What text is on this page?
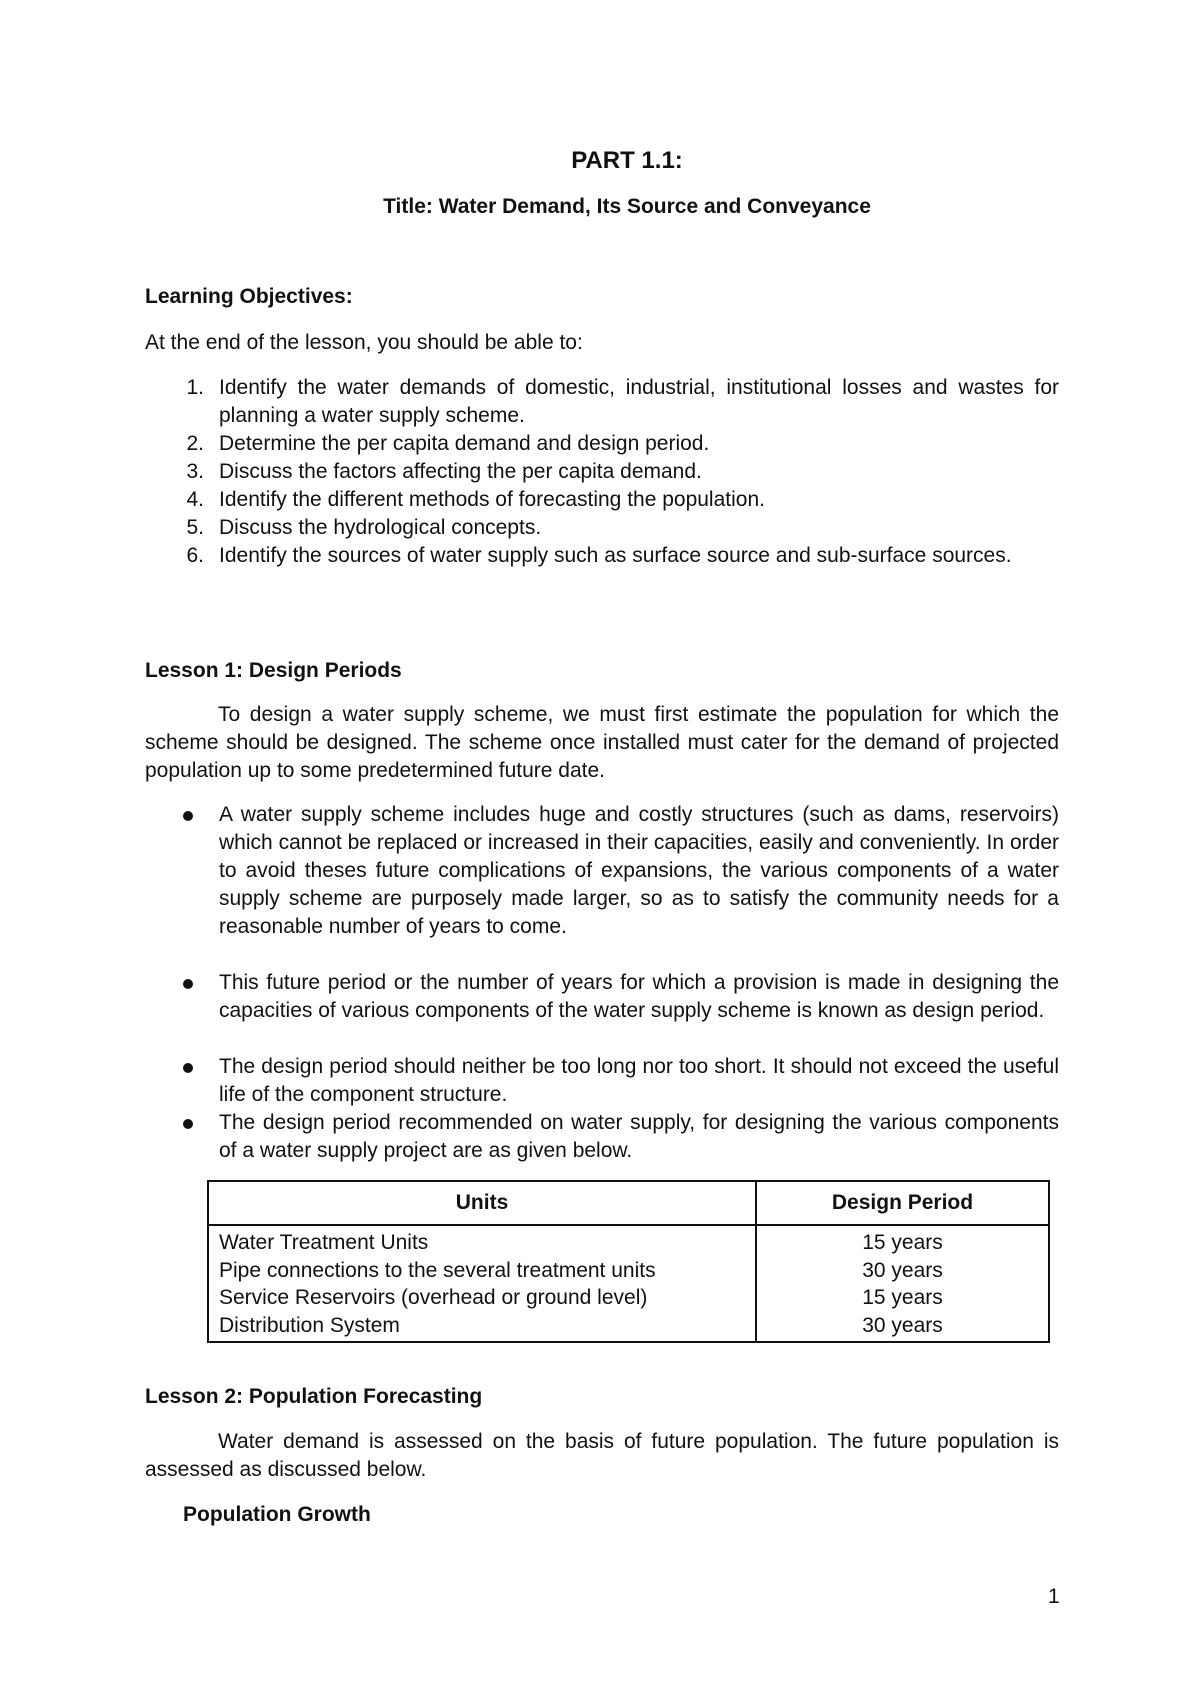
PART 1.1:
Title: Water Demand, Its Source and Conveyance
Learning Objectives:
At the end of the lesson, you should be able to:
1. Identify the water demands of domestic, industrial, institutional losses and wastes for planning a water supply scheme.
2. Determine the per capita demand and design period.
3. Discuss the factors affecting the per capita demand.
4. Identify the different methods of forecasting the population.
5. Discuss the hydrological concepts.
6. Identify the sources of water supply such as surface source and sub-surface sources.
Lesson 1: Design Periods
To design a water supply scheme, we must first estimate the population for which the scheme should be designed. The scheme once installed must cater for the demand of projected population up to some predetermined future date.
A water supply scheme includes huge and costly structures (such as dams, reservoirs) which cannot be replaced or increased in their capacities, easily and conveniently. In order to avoid theses future complications of expansions, the various components of a water supply scheme are purposely made larger, so as to satisfy the community needs for a reasonable number of years to come.
This future period or the number of years for which a provision is made in designing the capacities of various components of the water supply scheme is known as design period.
The design period should neither be too long nor too short. It should not exceed the useful life of the component structure.
The design period recommended on water supply, for designing the various components of a water supply project are as given below.
Units	Design Period
Water Treatment Units	15 years
Pipe connections to the several treatment units	30 years
Service Reservoirs (overhead or ground level)	15 years
Distribution System	30 years
Lesson 2: Population Forecasting
Water demand is assessed on the basis of future population. The future population is assessed as discussed below.
Population Growth
1
